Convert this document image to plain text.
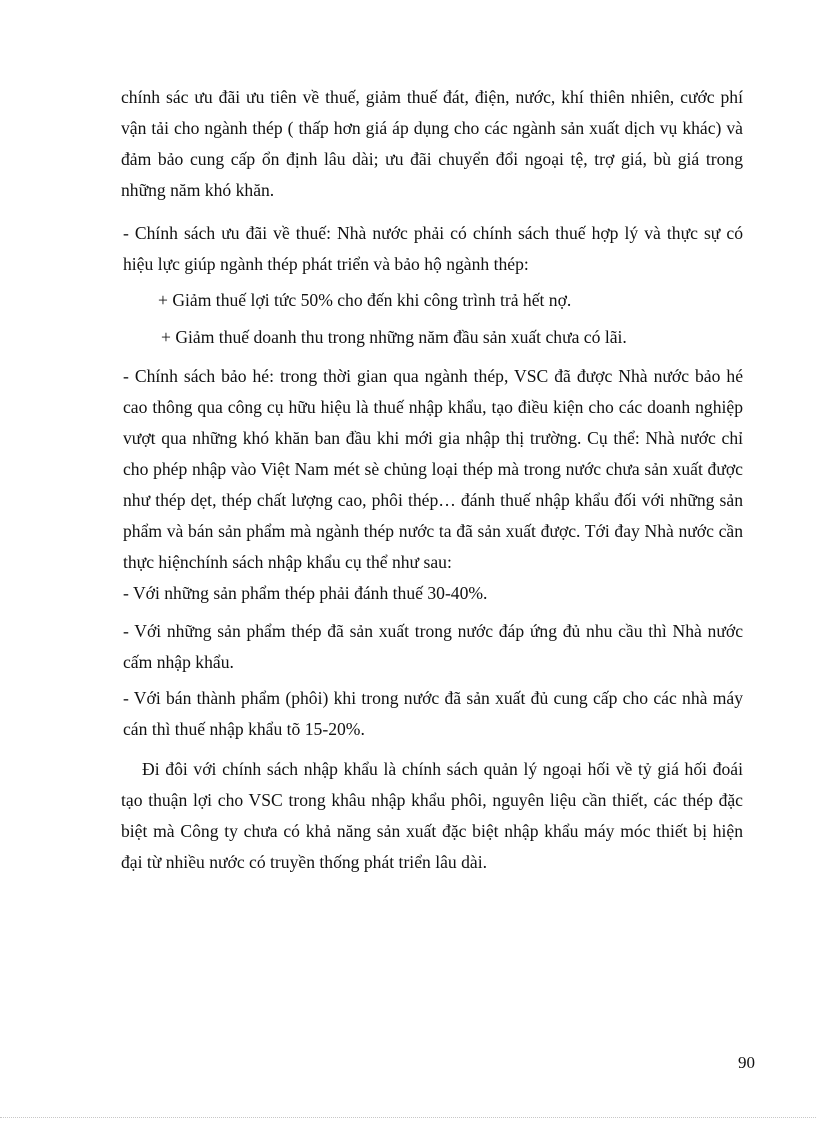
chính sác ưu đãi ưu tiên về thuế, giảm thuế đát, điện, nước, khí thiên nhiên, cước phí vận tải cho ngành thép ( thấp hơn giá áp dụng cho các ngành sản xuất dịch vụ khác) và đảm bảo cung cấp ổn định lâu dài; ưu đãi chuyển đổi ngoại tệ, trợ giá, bù giá trong những năm khó khăn.

- Chính sách ưu đãi về thuế: Nhà nước phải có chính sách thuế hợp lý và thực sự có hiệu lực giúp ngành thép phát triển và bảo hộ ngành thép:

+ Giảm thuế lợi tức 50% cho đến khi công trình trả hết nợ.

+ Giảm thuế doanh thu trong những năm đầu sản xuất chưa có lãi.

- Chính sách bảo hé: trong thời gian qua ngành thép, VSC đã được Nhà nước bảo hé cao thông qua công cụ hữu hiệu là thuế nhập khẩu, tạo điều kiện cho các doanh nghiệp vượt qua những khó khăn ban đầu khi mới gia nhập thị trường. Cụ thể: Nhà nước chỉ cho phép nhập vào Việt Nam mét sè chủng loại thép mà trong nước chưa sản xuất được như thép dẹt, thép chất lượng cao, phôi thép… đánh thuế nhập khẩu đối với những sản phẩm và bán sản phẩm mà ngành thép nước ta đã sản xuất được. Tới đay Nhà nước cần thực hiệnchính sách nhập khẩu cụ thể như sau:

- Với những sản phẩm thép phải đánh thuế 30-40%.

- Với những sản phẩm thép đã sản xuất trong nước đáp ứng đủ nhu cầu thì Nhà nước cấm nhập khẩu.

- Với bán thành phẩm (phôi) khi trong nước đã sản xuất đủ cung cấp cho các nhà máy cán thì thuế nhập khẩu tõ 15-20%.

Đi đôi với chính sách nhập khẩu là chính sách quản lý ngoại hối về tỷ giá hối đoái tạo thuận lợi cho VSC trong khâu nhập khẩu phôi, nguyên liệu cần thiết, các thép đặc biệt mà Công ty chưa có khả năng sản xuất đặc biệt nhập khẩu máy móc thiết bị hiện đại từ nhiều nước có truyền thống phát triển lâu dài.

90
